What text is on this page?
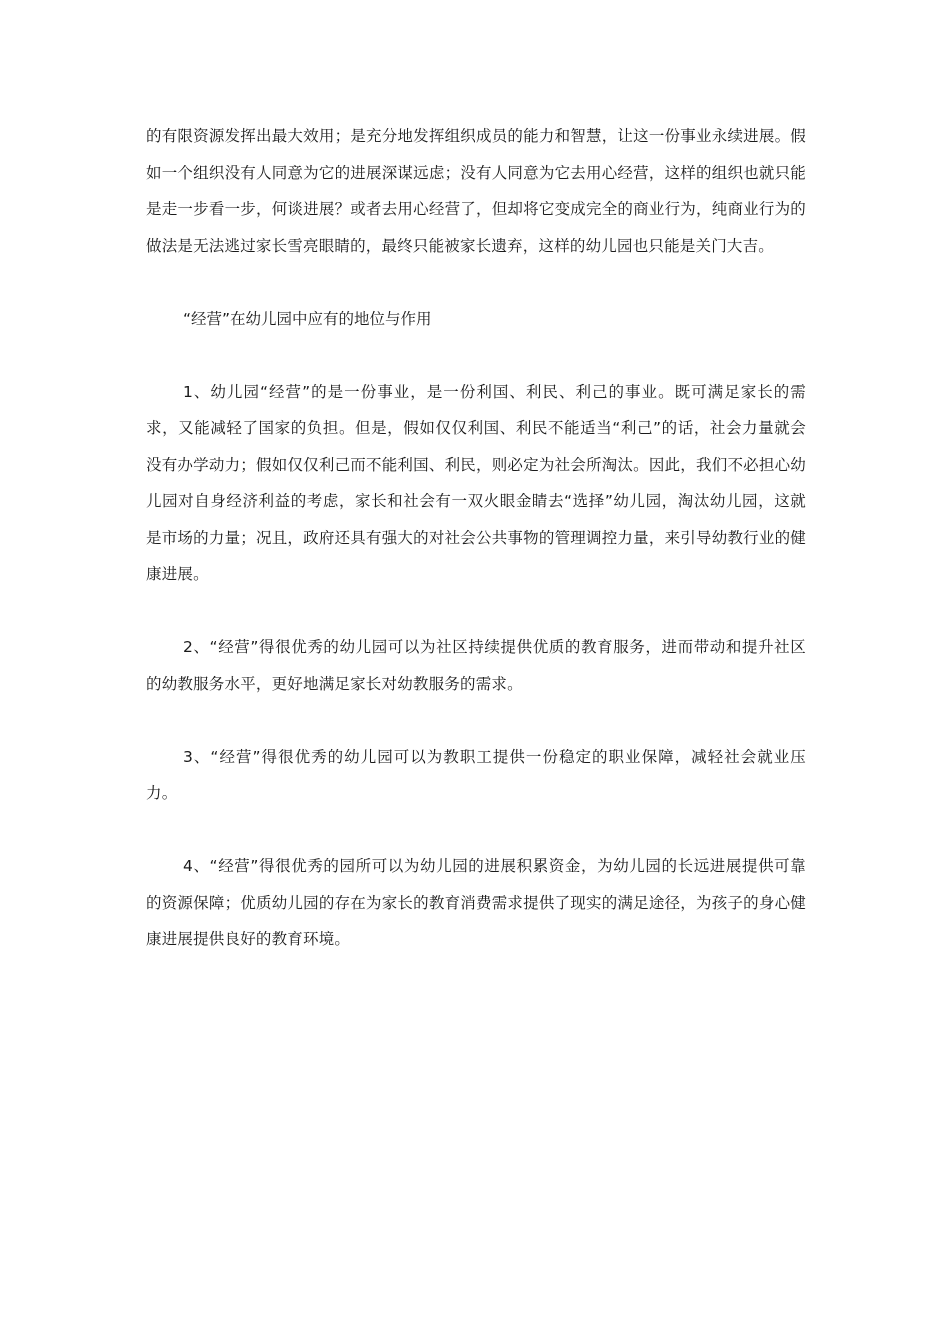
的有限资源发挥出最大效用；是充分地发挥组织成员的能力和智慧，让这一份事业永续进展。假如一个组织没有人同意为它的进展深谋远虑；没有人同意为它去用心经营，这样的组织也就只能是走一步看一步，何谈进展？或者去用心经营了，但却将它变成完全的商业行为，纯商业行为的做法是无法逃过家长雪亮眼睛的，最终只能被家长遗弃，这样的幼儿园也只能是关门大吉。

“经营”在幼儿园中应有的地位与作用

1、幼儿园“经营”的是一份事业，是一份利国、利民、利己的事业。既可满足家长的需求，又能减轻了国家的负担。但是，假如仅仅利国、利民不能适当“利己”的话，社会力量就会没有办学动力；假如仅仅利己而不能利国、利民，则必定为社会所淘汰。因此，我们不必担心幼儿园对自身经济利益的考虑，家长和社会有一双火眼金睛去“选择”幼儿园，淘汰幼儿园，这就是市场的力量；况且，政府还具有强大的对社会公共事物的管理调控力量，来引导幼教行业的健康进展。

2、“经营”得很优秀的幼儿园可以为社区持续提供优质的教育服务，进而带动和提升社区的幼教服务水平，更好地满足家长对幼教服务的需求。

3、“经营”得很优秀的幼儿园可以为教职工提供一份稳定的职业保障，减轻社会就业压力。

4、“经营”得很优秀的园所可以为幼儿园的进展积累资金，为幼儿园的长远进展提供可靠的资源保障；优质幼儿园的存在为家长的教育消费需求提供了现实的满足途径，为孩子的身心健康进展提供良好的教育环境。
